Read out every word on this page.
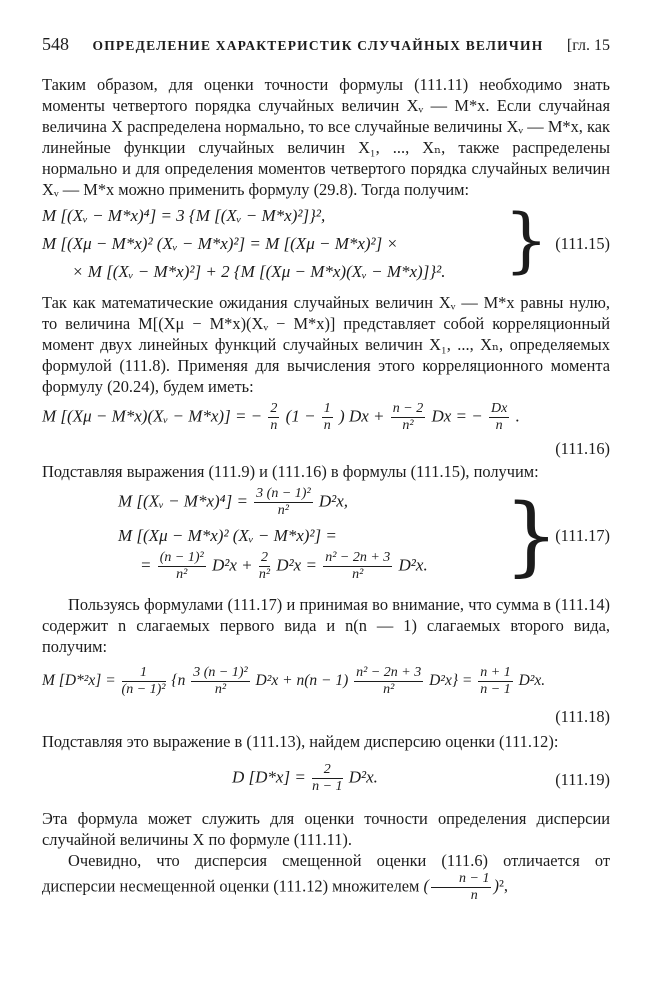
548 ОПРЕДЕЛЕНИЕ ХАРАКТЕРИСТИК СЛУЧАЙНЫХ ВЕЛИЧИН [гл. 15

Таким образом, для оценки точности формулы (111.11) необходимо знать моменты четвертого порядка случайных величин Xᵥ — M*x. Если случайная величина X распределена нормально, то все случайные величины Xᵥ — M*x, как линейные функции случайных величин X₁, ..., Xₙ, также распределены нормально и для определения моментов четвертого порядка случайных величин Xᵥ — M*x можно применить формулу (29.8). Тогда получим:

M [(Xᵥ − M*x)⁴] = 3 {M [(Xᵥ − M*x)²]}²,
M [(Xμ − M*x)² (Xᵥ − M*x)²] = M [(Xμ − M*x)²] ×
× M [(Xᵥ − M*x)²] + 2 {M [(Xμ − M*x)(Xᵥ − M*x)]}². } (111.15)

Так как математические ожидания случайных величин Xᵥ — M*x равны нулю, то величина M[(Xμ − M*x)(Xᵥ − M*x)] представляет собой корреляционный момент двух линейных функций случайных величин X₁, ..., Xₙ, определяемых формулой (111.8). Применяя для вычисления этого корреляционного момента формулу (20.24), будем иметь:

M [(Xμ − M*x)(Xᵥ − M*x)] = − $\frac{2}{n} (1 - \frac{1}{n}$ ) $Dx + \frac{n - 2}{\text{n²}}$ Dx = − $\frac{Dx}{n}$ .
(111.16)

Подставляя выражения (111.9) и (111.16) в формулы (111.15), получим:

M [(Xᵥ − $M*x)^4] = \frac{\text{3 (n − 1)²}}{\text{n²}} D^2x$,
M [(Xμ − M*x)² (Xᵥ − M*x)²] =
= $\frac{\text{(n − 1)²}}{\text{n²}} D^2x + \frac{2}{\text{n²}} D^2x = \frac{\text{n² − 2n + 3}}{\text{n²}} D^2x$. }
(111.17)

Пользуясь формулами (111.17) и принимая во внимание, что сумма в (111.14) содержит n слагаемых первого вида и n(n — 1) слагаемых второго вида, получим:

M $[D*^2x] = \frac{1}{\text{(n − 1)²}} \{n \frac{\text{3 (n − 1)²}}{\text{n²}} D^2x + n(n - 1) \frac{\text{n² − 2n + 3}}{\text{n²}} D^2x\} = \frac{n + 1}{n - 1} D^2x$.
(111.18)

Подставляя это выражение в (111.13), найдем дисперсию оценки (111.12):

D $[D*x] = \frac{2}{n - 1} D^2x$.	(111.19)

Эта формула может служить для оценки точности определения дисперсии случайной величины X по формуле (111.11).

Очевидно, что дисперсия смещенной оценки (111.6) отличается от дисперсии несмещенной оценки (111.12) множителем ( $\frac{n - 1}{n} )^2$,
